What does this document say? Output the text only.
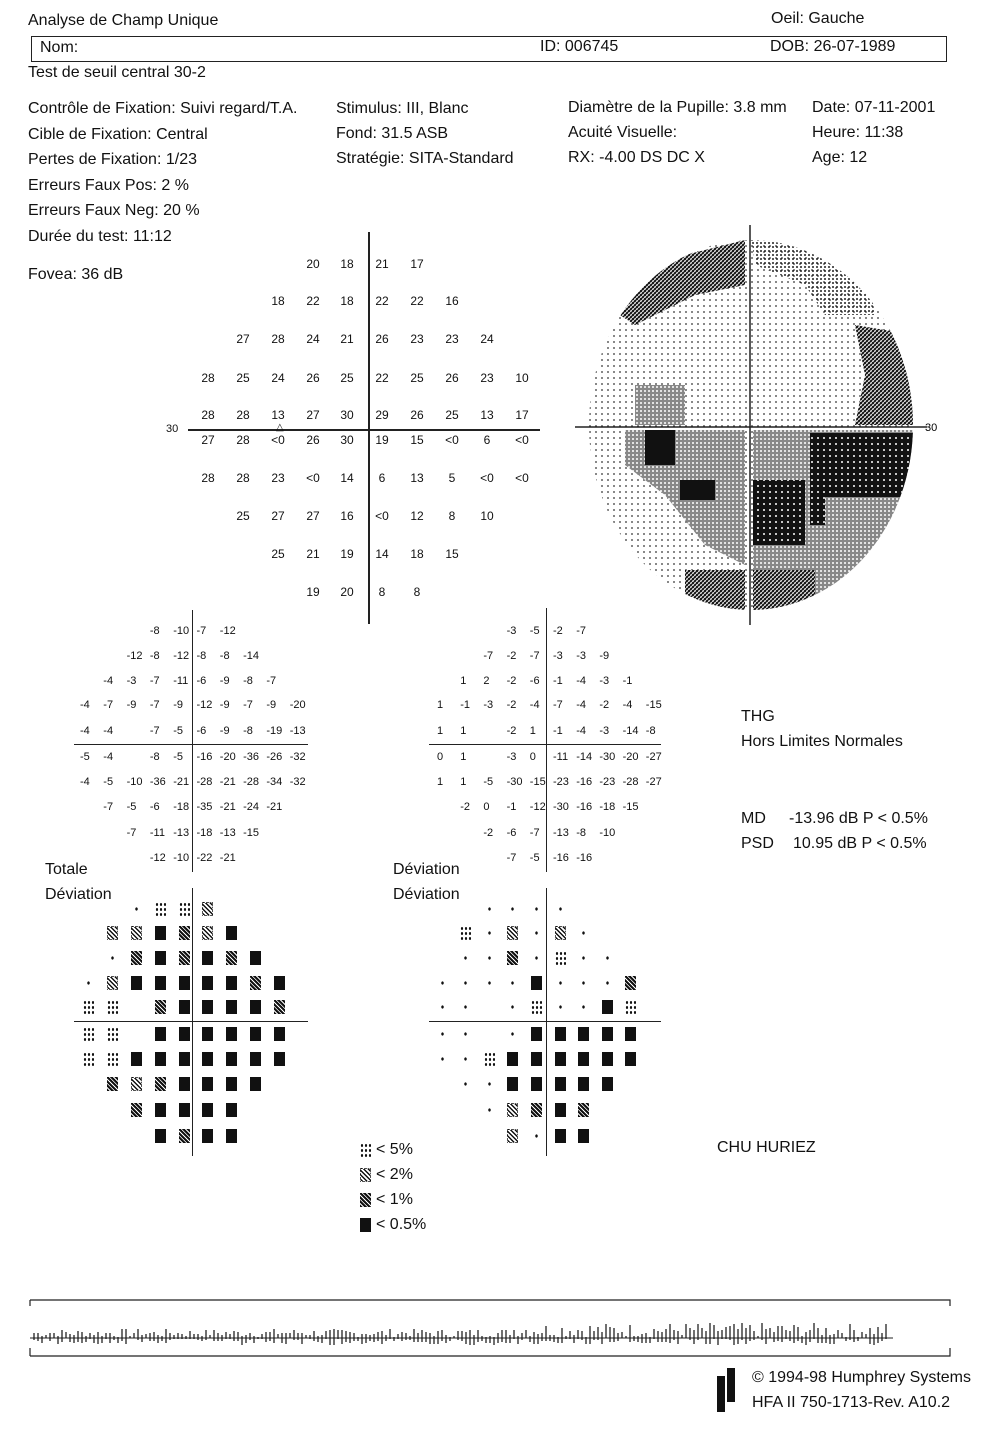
Analyse de Champ Unique	Oeil: Gauche
Nom:	ID: 006745	DOB: 26-07-1989
Test de seuil central 30-2
Contrôle de Fixation: Suivi regard/T.A.
Cible de Fixation: Central
Pertes de Fixation: 1/23
Erreurs Faux Pos: 2 %
Erreurs Faux Neg: 20 %
Durée du test: 11:12
Fovea: 36 dB
Stimulus: III, Blanc
Fond: 31.5 ASB
Stratégie: SITA-Standard
Diamètre de la Pupille: 3.8 mm
Acuité Visuelle:
RX: -4.00 DS DC X
Date: 07-11-2001
Heure: 11:38
Age: 12
30	△
20	18	21	17
18	22	18	22	22	16
27	28	24	21	26	23	23	24
28	25	24	26	25	22	25	26	23	10
28	28	13	27	30	29	26	25	13	17
27	28	<0	26	30	19	15	<0	6	<0
28	28	23	<0	14	6	13	5	<0	<0
25	27	27	16	<0	12	8	10
25	21	19	14	18	15
19	20	8	8
30
-8 -10 -7 -12
-12 -8 -12 -8 -8 -14
-4 -3 -7 -11 -6 -9 -8 -7
-4 -7 -9 -7 -9 -12 -9 -7 -9 -20
-4 -4	-7 -5 -6 -9 -8 -19 -13
-5 -4	-8 -5 -16 -20 -36 -26 -32
-4 -5 -10 -36 -21 -28 -21 -28 -34 -32
-7 -5 -6 -18 -35 -21 -24 -21
-7 -11 -13 -18 -13 -15
-12 -10 -22 -21
-3 -5 -2 -7
-7 -2 -7 -3 -3 -9
1 2 -2 -6 -1 -4 -3 -1
1 -1 -3 -2 -4 -7 -4 -2 -4 -15
1 1	-2 1 -1 -4 -3 -14 -8
0 1	-3 0 -11 -14 -30 -20 -27
1 1 -5 -30 -15 -23 -16 -23 -28 -27
-2 0 -1 -12 -30 -16 -18 -15
-2 -6 -7 -13 -8 -10
-7 -5 -16 -16
Totale
Déviation
Déviation
Déviation
THG
Hors Limites Normales
MD -13.96 dB P < 0.5%
PSD 10.95 dB P < 0.5%
< 5%
< 2%
< 1%
< 0.5%
CHU HURIEZ
© 1994-98 Humphrey Systems
HFA II 750-1713-Rev. A10.2
